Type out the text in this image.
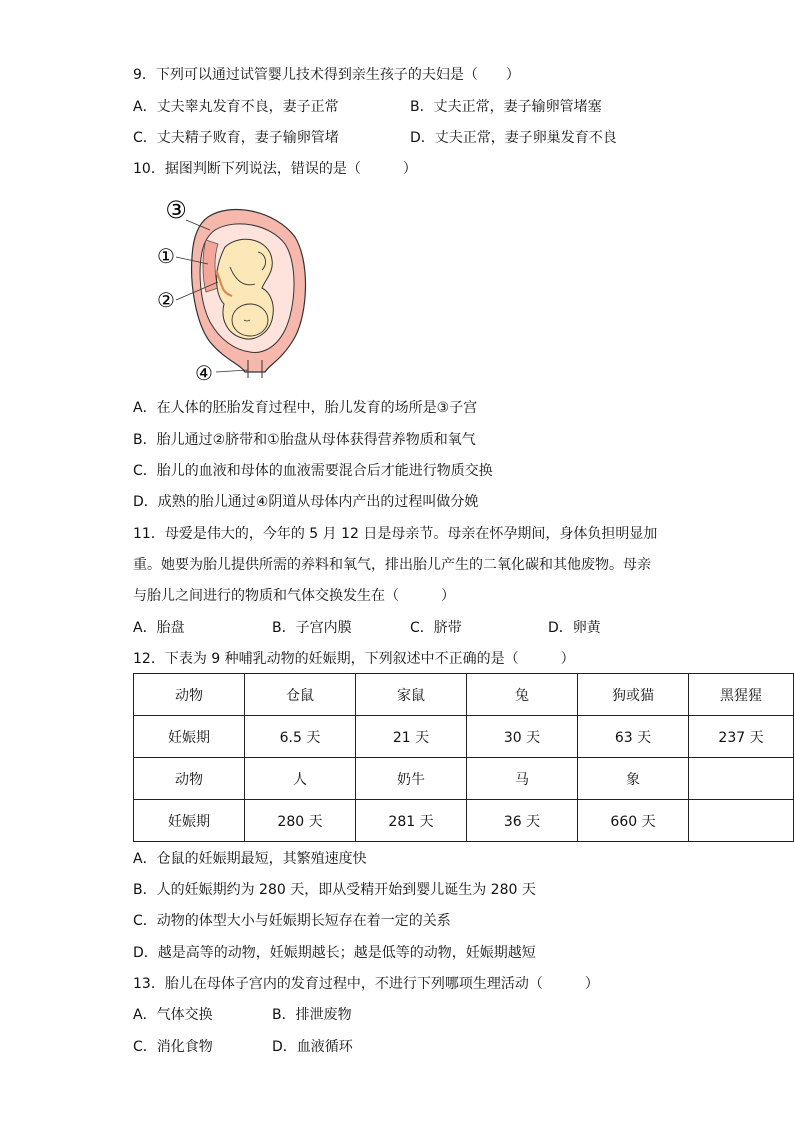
9．下列可以通过试管婴儿技术得到亲生孩子的夫妇是（　　）
A．丈夫睾丸发育不良，妻子正常	B．丈夫正常，妻子输卵管堵塞
C．丈夫精子败育，妻子输卵管堵	D．丈夫正常，妻子卵巢发育不良
10．据图判断下列说法，错误的是（　　　）
③
①
②
④
A．在人体的胚胎发育过程中，胎儿发育的场所是③子宫
B．胎儿通过②脐带和①胎盘从母体获得营养物质和氧气
C．胎儿的血液和母体的血液需要混合后才能进行物质交换
D．成熟的胎儿通过④阴道从母体内产出的过程叫做分娩
11．母爱是伟大的，今年的 5 月 12 日是母亲节。母亲在怀孕期间，身体负担明显加
重。她要为胎儿提供所需的养料和氧气，排出胎儿产生的二氧化碳和其他废物。母亲
与胎儿之间进行的物质和气体交换发生在（　　　）
A．胎盘	B．子宫内膜	C．脐带	D．卵黄
12．下表为 9 种哺乳动物的妊娠期，下列叙述中不正确的是（　　　）
动物	仓鼠	家鼠	兔	狗或猫	黑猩猩
妊娠期	6.5 天	21 天	30 天	63 天	237 天
动物	人	奶牛	马	象	
妊娠期	280 天	281 天	36 天	660 天	
A．仓鼠的妊娠期最短，其繁殖速度快
B．人的妊娠期约为 280 天，即从受精开始到婴儿诞生为 280 天
C．动物的体型大小与妊娠期长短存在着一定的关系
D．越是高等的动物，妊娠期越长；越是低等的动物，妊娠期越短
13．胎儿在母体子宫内的发育过程中，不进行下列哪项生理活动（　　　）
A．气体交换	B．排泄废物
C．消化食物	D．血液循环
